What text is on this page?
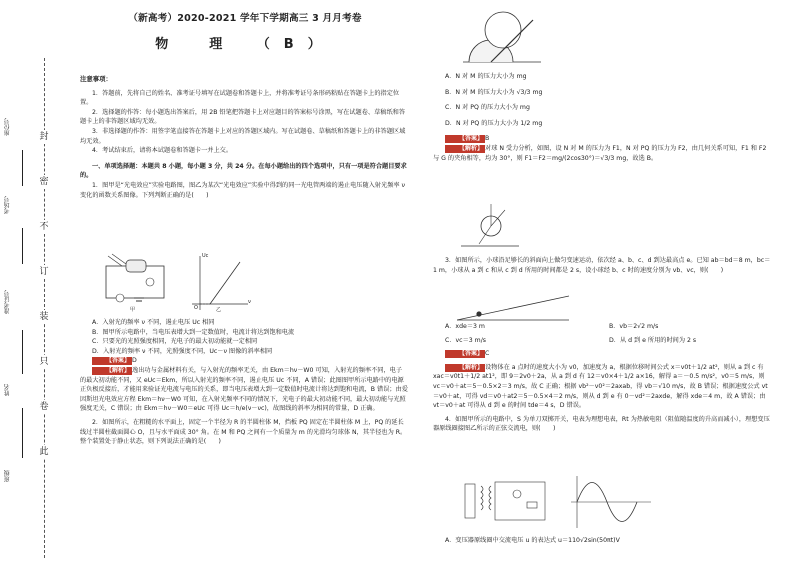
封
密
不
订
装
只
卷
此
座位号
考场号
准考证号
姓名
班级
（新高考）2020-2021 学年下学期高三 3 月月考卷
物　理　（B）

注意事项：

1．答题前，先将自己的姓名、准考证号填写在试题卷和答题卡上，并将准考证号条形码粘贴在答题卡上的指定位置。

2．选择题的作答：每小题选出答案后，用 2B 铅笔把答题卡上对应题目的答案标号涂黑，写在试题卷、草稿纸和答题卡上的非答题区域均无效。

3．非选择题的作答：用签字笔直接答在答题卡上对应的答题区域内。写在试题卷、草稿纸和答题卡上的非答题区域均无效。

4．考试结束后，请将本试题卷和答题卡一并上交。

一、单项选择题：本题共 8 小题，每小题 3 分，共 24 分。在每小题给出的四个选项中，只有一项是符合题目要求的。

1．图甲是“光电效应”实验电路图，图乙为某次“光电效应”实验中得到的同一光电管两端的遏止电压随入射光频率 ν 变化的函数关系图像。下列判断正确的是(　　)

甲	乙
Uc
O
ν

A．入射光的频率 ν 不同，遏止电压 Uc 相同

B．图甲所示电路中，当电压表增大到一定数值时，电流计将达到饱和电流

C．只要光的光照强度相同，光电子的最大初动能就一定相同

D．入射光的频率 ν 不同，光照强度不同，Uc－ν 图像的斜率相同

【答案】 D

【解析】 逸出功与金属材料有关，与入射光的频率无关，由 Ekm＝hν－W0 可知，入射光的频率不同，电子的最大初动能不同，又 eUc＝Ekm，所以入射光的频率不同，遏止电压 Uc 不同，A 错误；此图图甲所示电路中的电源正负极反接后，才能用来验证光电流与电压的关系，即当电压表增大到一定数值时电流计将达到饱和电流，B 错误；由爱因斯坦光电效应方程 Ekm＝hν－W0 可知，在入射光频率不同的情况下，光电子的最大初动能不同，最大初动能与光照强度无关，C 错误；由 Ekm＝hν－W0＝eUc 可得 Uc＝h/e(ν－νc)，故图线的斜率为相同的常量，D 正确。

2．如图所示，在粗糙的水平面上，固定一个半径为 R 的半圆柱体 M，挡板 PQ 固定在半圆柱体 M 上，PQ 的延长线过半圆柱截面圆心 O，且与水平面成 30° 角。在 M 和 PQ 之间有一个质量为 m 的光滑均匀球体 N，其半径也为 R。整个装置处于静止状态，则下列说法正确的是(　　)

A．N 对 M 的压力大小为 mg

B．N 对 M 的压力大小为 √3/3 mg

C．N 对 PQ 的压力大小为 mg

D．N 对 PQ 的压力大小为 1/2 mg

【答案】 B

【解析】 对球 N 受力分析，如图，设 N 对 M 的压力为 F1，N 对 PQ 的压力为 F2，由几何关系可知，F1 和 F2 与 G 的夹角相等，均为 30°，则 F1＝F2＝mg/(2cos30°)＝√3/3 mg，故选 B。

3．如图所示，小球沿足够长的斜面向上做匀变速运动，依次经 a、b、c、d 到达最高点 e。已知 ab＝bd＝8 m，bc＝1 m，小球从 a 到 c 和从 c 到 d 所用的时间都是 2 s，设小球经 b、c 时的速度分别为 vb、vc，则(　　)

A．xde＝3 m	B．vb＝2√2 m/s
C．vc＝3 m/s	D．从 d 到 e 所用的时间为 2 s

【答案】 C

【解析】 设物体在 a 点时的速度大小为 v0，加速度为 a，根据位移时间公式 x＝v0t＋1/2 at²，则从 a 到 c 有 xac＝v0t1＋1/2 at1²，即 9＝2v0＋2a，从 a 到 d 有 12＝v0×4＋1/2 a×16，解得 a＝－0.5 m/s²，v0＝5 m/s，则 vc＝v0＋at＝5－0.5×2＝3 m/s，故 C 正确；根据 vb²－v0²＝2axab，得 vb＝√10 m/s，故 B 错误；根据速度公式 vt＝v0＋at，可得 vd＝v0＋at2＝5－0.5×4＝2 m/s，则从 d 到 e 有 0－vd²＝2axde，解得 xde＝4 m，故 A 错误；由 vt＝v0＋at 可得从 d 到 e 的时间 tde＝4 s，D 错误。

4．如图甲所示的电路中，S 为单刀双掷开关，电表为理想电表，Rt 为热敏电阻（阻值随温度的升高而减小），理想变压器原线圈接图乙所示的正弦交流电，则(　　)

A．变压器原线圈中交流电压 u 的表达式 u＝110√2sin(50πt)V
